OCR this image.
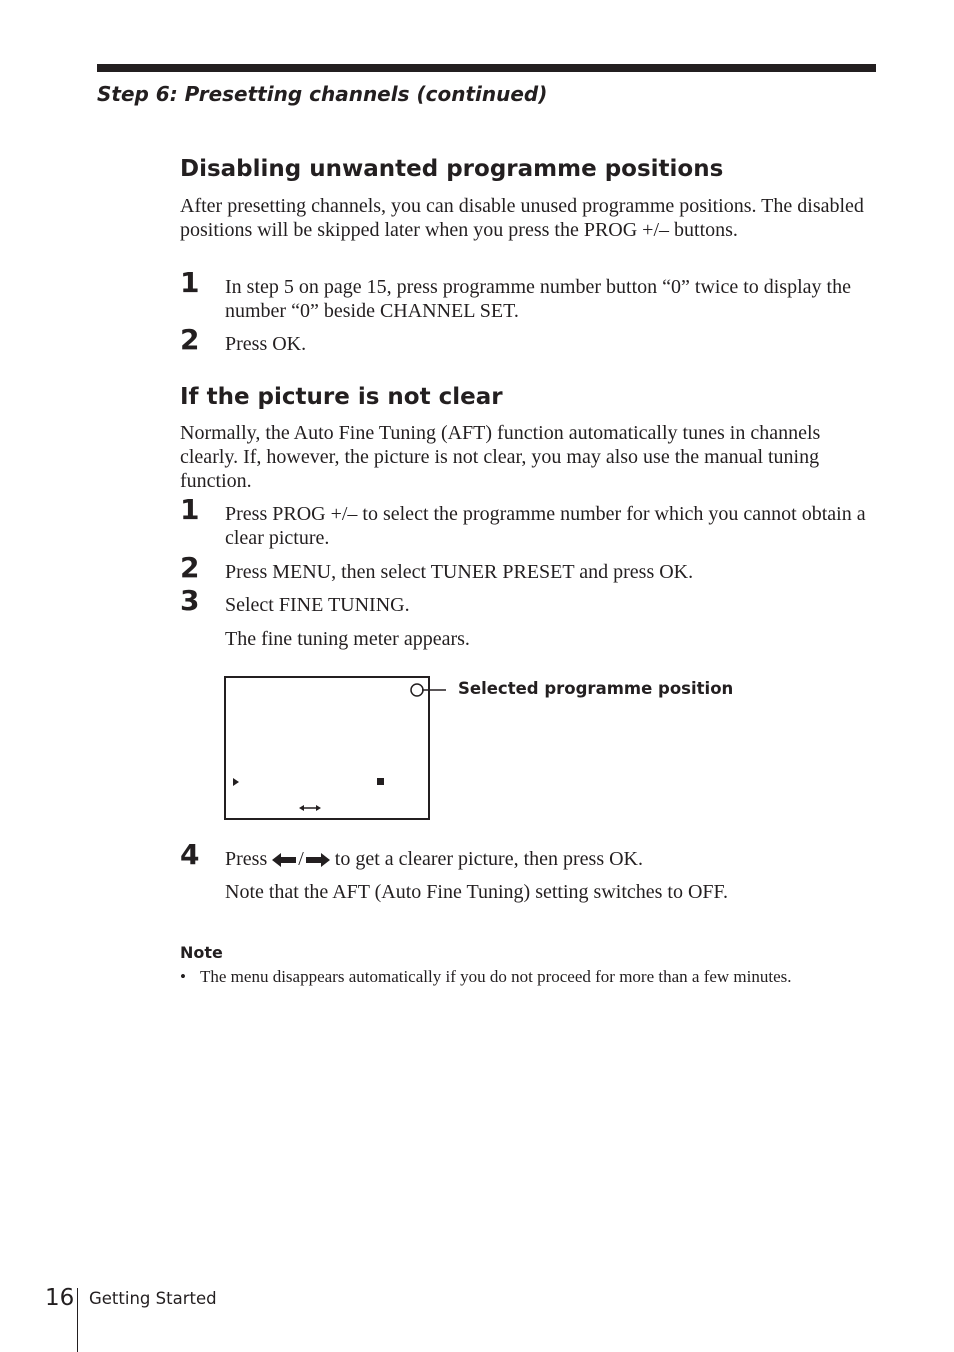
Step 6: Presetting channels (continued)
Disabling unwanted programme positions
After presetting channels, you can disable unused programme positions. The disabled positions will be skipped later when you press the PROG +/– buttons.
1 In step 5 on page 15, press programme number button “0” twice to display the number “0” beside CHANNEL SET.
2 Press OK.
If the picture is not clear
Normally, the Auto Fine Tuning (AFT) function automatically tunes in channels clearly. If, however, the picture is not clear, you may also use the manual tuning function.
1 Press PROG +/– to select the programme number for which you cannot obtain a clear picture.
2 Press MENU, then select TUNER PRESET and press OK.
3 Select FINE TUNING.
The fine tuning meter appears.
Selected programme position
4 Press / to get a clearer picture, then press OK.
Note that the AFT (Auto Fine Tuning) setting switches to OFF.
Note
• The menu disappears automatically if you do not proceed for more than a few minutes.
16 Getting Started
